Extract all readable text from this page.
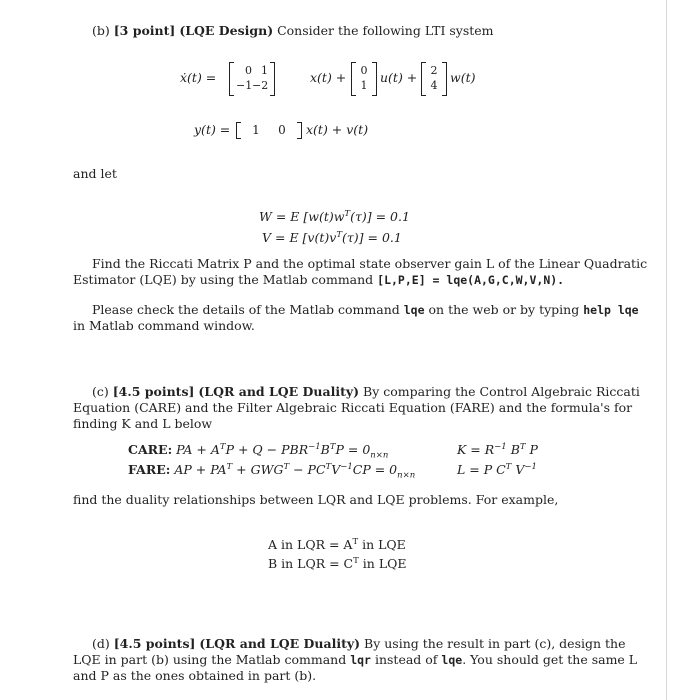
(b) [3 point] (LQE Design) Consider the following LTI system
ẋ(t) =	0 1
−1 −2
x(t) + 0
1
u(t) + 2
4
w(t)
y(t) =	1	0	x(t) + v(t)
and let
W = E $[w(t)w^T(\tau)] = 0.1$
V = E $[v(t)v^T(\tau)] = 0.1$
Find the Riccati Matrix P and the optimal state observer gain L of the Linear Quadratic
Estimator (LQE) by using the Matlab command [L,P,E] = lqe(A,G,C,W,V,N).
Please check the details of the Matlab command lqe on the web or by typing help lqe
in Matlab command window.
(c) [4.5 points] (LQR and LQE Duality) By comparing the Control Algebraic Riccati
Equation (CARE) and the Filter Algebraic Riccati Equation (FARE) and the formula's for
finding K and L below
CARE: PA + $A^TP + Q - PBR^{-1}B^TP = 0_{n\times n}$	$K = R^{-1}$ $B^T$ P
FARE: AP + $PA^T + GWG^T - PC^TV^{-1}CP = 0_{n\times n}$	L = P $C^T$ $V^{-1}$
find the duality relationships between LQR and LQE problems. For example,
A in LQR = $A^T$ in LQE
B in LQR = $C^T$ in LQE
(d) [4.5 points] (LQR and LQE Duality) By using the result in part (c), design the
LQE in part (b) using the Matlab command lqr instead of lqe. You should get the same L
and P as the ones obtained in part (b).
